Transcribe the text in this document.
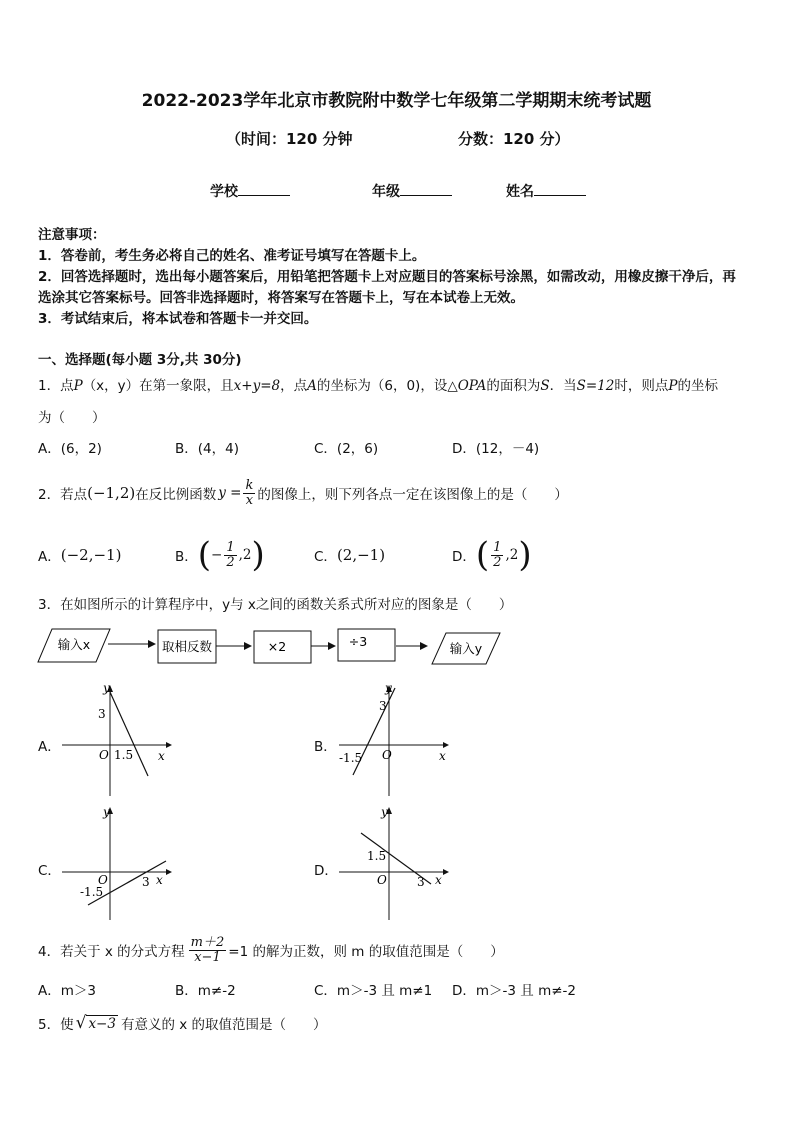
2022-2023学年北京市教院附中数学七年级第二学期期末统考试题
（时间：120 分钟	分数：120 分）
学校	年级	姓名
注意事项：
1．答卷前，考生务必将自己的姓名、准考证号填写在答题卡上。
2．回答选择题时，选出每小题答案后，用铅笔把答题卡上对应题目的答案标号涂黑，如需改动，用橡皮擦干净后，再
选涂其它答案标号。回答非选择题时，将答案写在答题卡上，写在本试卷上无效。
3．考试结束后，将本试卷和答题卡一并交回。
一、选择题(每小题 3分,共 30分)
1．点P（x，y）在第一象限，且x+y=8，点A的坐标为（6，0)，设△OPA的面积为S．当S=12时，则点P的坐标
为（　　）
A．(6，2)	B．(4，4)	C．(2，6)	D．(12，－4)
2．若点 (−1,2) 在反比例函数 $y = \frac{k}{x}$ 的图像上，则下列各点一定在该图像上的是（　　）
A． (−2,−1)	B． ( − $\frac{1}{2} ,2$ )	C． (2,−1)	D． ( $\frac{1}{2} ,2$ )
3．在如图所示的计算程序中，y与 x之间的函数关系式所对应的图象是（　　）
输入x	取相反数	×2	÷3	输入y
A．
y
x
O
3
1.5	B．
y
x
O
3
-1.5
C．
y
x
O
-1.5
3
D．
y
x
O
1.5
3
4．若关于 x 的分式方程 $\frac{m+2}{x-1} =1$ 的解为正数，则 m 的取值范围是（　　）
A．m＞3	B．m≠-2	C．m＞-3 且 m≠1 D．m＞-3 且 m≠-2
5．使 √ x−3 有意义的 x 的取值范围是（　　）
